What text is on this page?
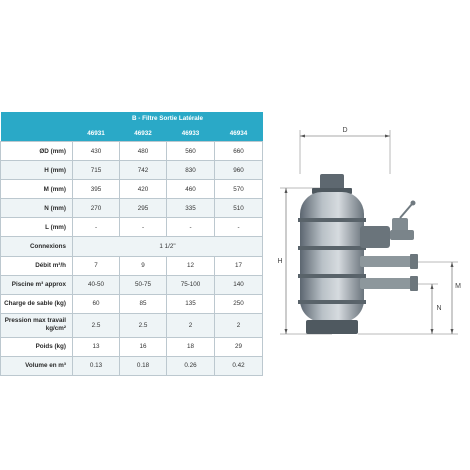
	B - Filtre Sortie Latérale			
	46931	46932	46933	46934
ØD (mm)	430	480	560	660
H (mm)	715	742	830	960
M (mm)	395	420	460	570
N (mm)	270	295	335	510
L (mm)	-	-	-	-
Connexions	1 1/2"			
Débit m³/h	7	9	12	17
Piscine m³ approx	40-50	50-75	75-100	140
Charge de sable (kg)	60	85	135	250
Pression max travail kg/cm²	2.5	2.5	2	2
Poids (kg)	13	16	18	29
Volume en m³	0.13	0.18	0.26	0.42
D
H
M
N
